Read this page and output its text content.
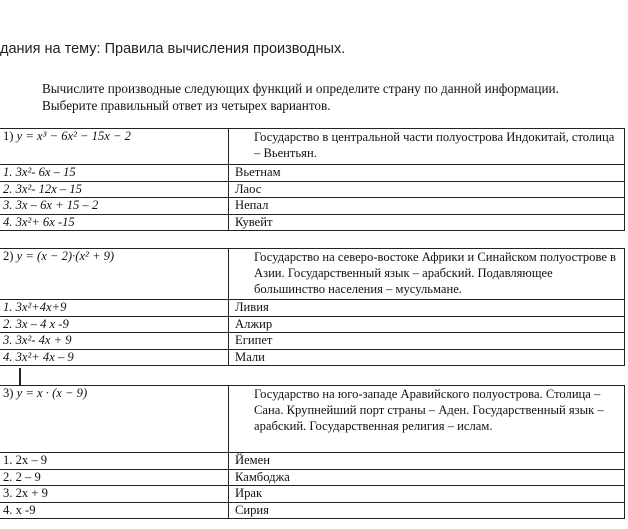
дания на тему: Правила вычисления производных.
Вычислите производные следующих функций и определите страну по данной информации.
Выберите правильный ответ из четырех вариантов.
1) y = x³ − 6x² − 15x − 2	Государство в центральной части полуострова Индокитай, столица – Вьентьян.
1. 3x²- 6x – 15	Вьетнам
2. 3x²- 12x – 15	Лаос
3. 3x – 6x + 15 – 2	Непал
4. 3x²+ 6x -15	Кувейт
2) y = (x − 2)·(x² + 9)	Государство на северо-востоке Африки и Синайском полуострове в Азии. Государственный язык – арабский. Подавляющее большинство населения – мусульмане.
1. 3x²+4x+9	Ливия
2. 3x – 4 x -9	Алжир
3. 3x²- 4x + 9	Египет
4. 3x²+ 4x – 9	Мали
3) y = x · (x − 9)	Государство на юго-западе Аравийского полуострова. Столица – Сана. Крупнейший порт страны – Аден. Государственный язык – арабский. Государственная религия – ислам.
1. 2x – 9	Йемен
2. 2 – 9	Камбоджа
3. 2x + 9	Ирак
4. x -9	Сирия
